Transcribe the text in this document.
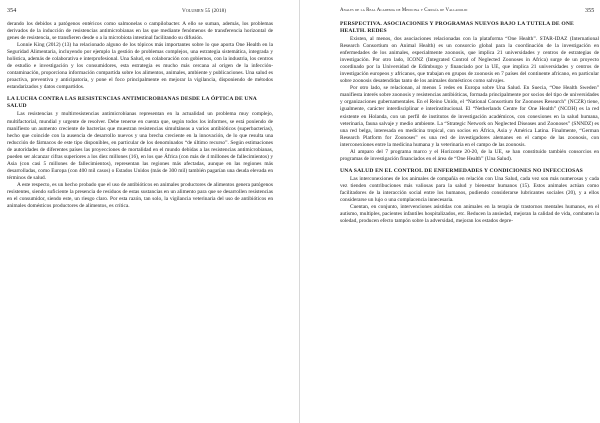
354	Volumen 55 (2018)

derando los debidos a patógenos entéricos como salmonelas o campilobacter. A ello se suman, además, los problemas derivados de la inducción de resistencias antimicrobianas en las que mediante fenómenos de transferencia horizontal de genes de resistencia, se transfieren desde o a la microbiota intestinal facilitando su difusión.

Lonnie King (2012) (13) ha relacionado alguno de los tópicos más importantes sobre lo que aporta One Health en la Seguridad Alimentaria, incluyendo por ejemplo la gestión de problemas complejos, una estrategia sistemática, integrada y holística, además de colaborativa e interprofesional. Una Salud, en colaboración con gobiernos, con la industria, los centros de estudio e investigación y los consumidores, esta estrategia es mucho más cercana al origen de la infección-contaminación, proporciona información compartida sobre los alimentos, animales, ambiente y publicaciones. Una salud es proactiva, preventiva y anticipatoria, y pone el foco principalmente en mejorar la vigilancia, disponiendo de métodos estandarizados y datos compartidos.

LA LUCHA CONTRA LAS RESISTENCIAS ANTIMICROBIANAS DESDE LA ÓPTICA DE UNA SALUD

Las resistencias y multirresistencias antimicrobianas representan en la actualidad un problema muy complejo, multifactorial, mundial y urgente de resolver. Debe tenerse en cuenta que, según todos los informes, se está poniendo de manifiesto un aumento creciente de bacterias que muestran resistencias simultáneas a varios antibióticos (superbacterias), hecho que coincide con la ausencia de desarrollo nuevos y una brecha creciente en la innovación, de lo que resulta una reducción de fármacos de este tipo disponibles, en particular de los denominados “de último recurso”. Según estimaciones de autoridades de diferentes países las proyecciones de mortalidad en el mundo debidas a las resistencias antimicrobianas, pueden ser alcanzar cifras superiores a los diez millones (16), en los que África (con más de 4 millones de fallecimientos) y Asia (con casi 5 millones de fallecimientos), representan las regiones más afectadas, aunque en las regiones más desarrolladas, como Europa (con 400 mil casos) o Estados Unidos (más de 300 mil) también pagarían una deuda elevada en términos de salud.

A este respecto, es un hecho probado que el uso de antibióticos en animales productores de alimentos genera patógenos resistentes, siendo suficiente la presencia de residuos de estas sustancias en un alimento para que se desarrollen resistencias en el consumidor, siendo este, un riesgo claro. Por esta razón, tan solo, la vigilancia veterinaria del uso de antibióticos en animales domésticos productores de alimentos, es crítica.

Anales de la Real Academia de Medicina y Cirugía de Valladolid	355
PERSPECTIVA. ASOCIACIONES Y PROGRAMAS NUEVOS BAJO LA TUTELA DE ONE HEALTH. REDES

Existen, al menos, dos asociaciones relacionadas con la plataforma “One Health”. STAR-IDAZ (International Research Consortium on Animal Health) es un consorcio global para la coordinación de la investigación en enfermedades de los animales, especialmente zoonosis, que implica 21 universidades y centros de estrategias de investigación. Por otro lado, ICONZ (Integrated Control of Neglected Zoonoses in Africa) surge de un proyecto coordinado por la Universidad de Edimburgo y financiado por la UE, que implica 21 universidades y centros de investigación europeos y africanos, que trabajan en grupos de zoonosis en 7 países del continente africano, en particular sobre zoonosis desatendidas tanto de los animales domésticos como salvajes.

Por otro lado, se relacionan, al menos 5 redes en Europa sobre Una Salud. En Suecia, “One Health Sweden” manifiesta interés sobre zoonosis y resistencias antibióticas, formada principalmente por socios del tipo de universidades y organizaciones gubernamentales. En el Reino Unido, el “National Consortium for Zoonoses Research” (NCZR) tiene, igualmente, carácter interdisciplinar e interinstitucional. El “Netherlands Centre for One Health” (NCOH) es la red existente en Holanda, con un perfil de institutos de investigación académicos, con conexiones en la salud humana, veterinaria, fauna salvaje y medio ambiente. La “Strategic Network on Neglected Diseases and Zoonoses” (SNNDZ) es una red belga, interesada en medicina tropical, con socios en África, Asia y América Latina. Finalmente, “German Research Platform for Zoonoses” es una red de investigadores alemanes en el campo de las zoonosis, con interconexiones entre la medicina humana y la veterinaria en el campo de las zoonosis.

Al amparo del 7 programa marco y el Horizonte 20-20, de la UE, se han constituido también consorcios en programas de investigación financiados en el área de “One Health” (Una Salud).

UNA SALUD EN EL CONTROL DE ENFERMEDADES Y CONDICIONES NO INFECCIOSAS

Las interconexiones de los animales de compañía en relación con Una Salud, cada vez son más numerosas y cada vez tienden contribuciones más valiosas para la salud y bienestar humanos (15). Estos animales actúan como facilitadores de la interacción social entre los humanos, pudiendo considerarse lubricantes sociales (20), y a ellos considerarse un lujo o una complacencia innecesaria.

Cuentan, en conjunto, intervenciones asistidas con animales en la terapia de trastornos mentales humanos, en el autismo, multiples, pacientes infantiles hospitalizados, etc. Reducen la ansiedad, mejoran la calidad de vida, combaten la soledad, producen efecto tampón sobre la adversidad, mejoran los estados depre-
